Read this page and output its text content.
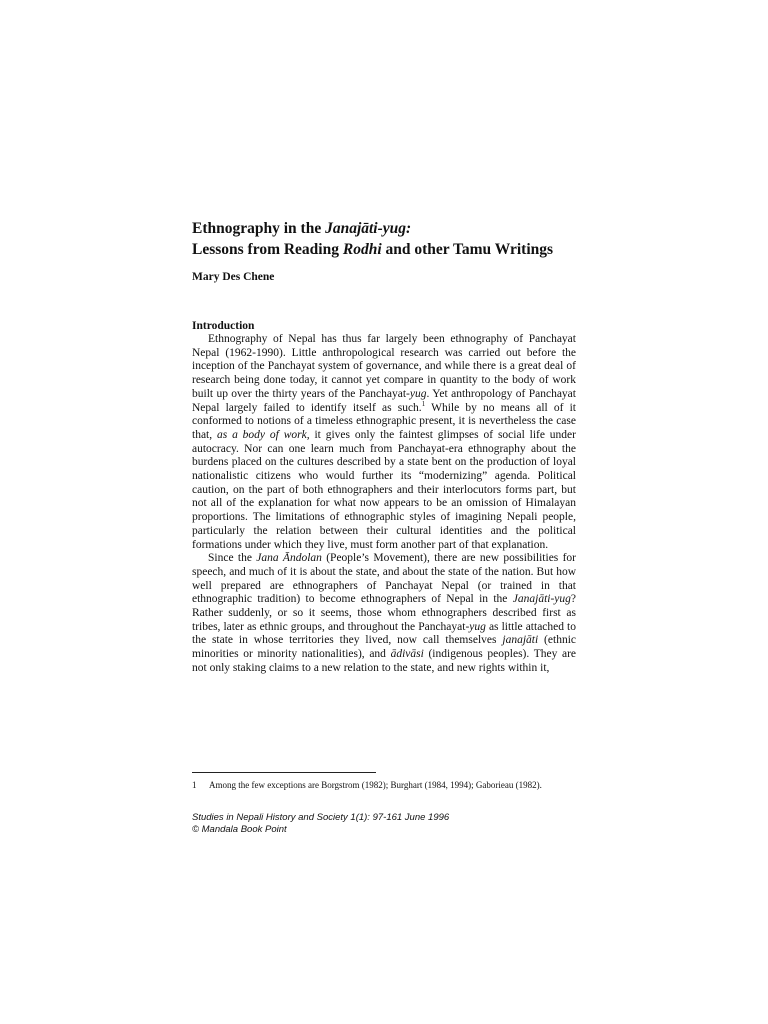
Ethnography in the Janajāti-yug:
Lessons from Reading Rodhi and other Tamu Writings

Mary Des Chene

Introduction

Ethnography of Nepal has thus far largely been ethnography of Panchayat Nepal (1962-1990). Little anthropological research was carried out before the inception of the Panchayat system of governance, and while there is a great deal of research being done today, it cannot yet compare in quantity to the body of work built up over the thirty years of the Panchayat-yug. Yet anthropology of Panchayat Nepal largely failed to identify itself as such.$^1$ While by no means all of it conformed to notions of a timeless ethnographic present, it is nevertheless the case that, as a body of work, it gives only the faintest glimpses of social life under autocracy. Nor can one learn much from Panchayat-era ethnography about the burdens placed on the cultures described by a state bent on the production of loyal nationalistic citizens who would further its “modernizing” agenda. Political caution, on the part of both ethnographers and their interlocutors forms part, but not all of the explanation for what now appears to be an omission of Himalayan proportions. The limitations of ethnographic styles of imagining Nepali people, particularly the relation between their cultural identities and the political formations under which they live, must form another part of that explanation.

Since the Jana Āndolan (People’s Movement), there are new possibilities for speech, and much of it is about the state, and about the state of the nation. But how well prepared are ethnographers of Panchayat Nepal (or trained in that ethnographic tradition) to become ethnographers of Nepal in the Janajāti-yug? Rather suddenly, or so it seems, those whom ethnographers described first as tribes, later as ethnic groups, and throughout the Panchayat-yug as little attached to the state in whose territories they lived, now call themselves janajāti (ethnic minorities or minority nationalities), and ādivāsi (indigenous peoples). They are not only staking claims to a new relation to the state, and new rights within it,

1 Among the few exceptions are Borgstrom (1982); Burghart (1984, 1994); Gaborieau (1982).
Studies in Nepali History and Society 1(1): 97-161 June 1996
© Mandala Book Point
